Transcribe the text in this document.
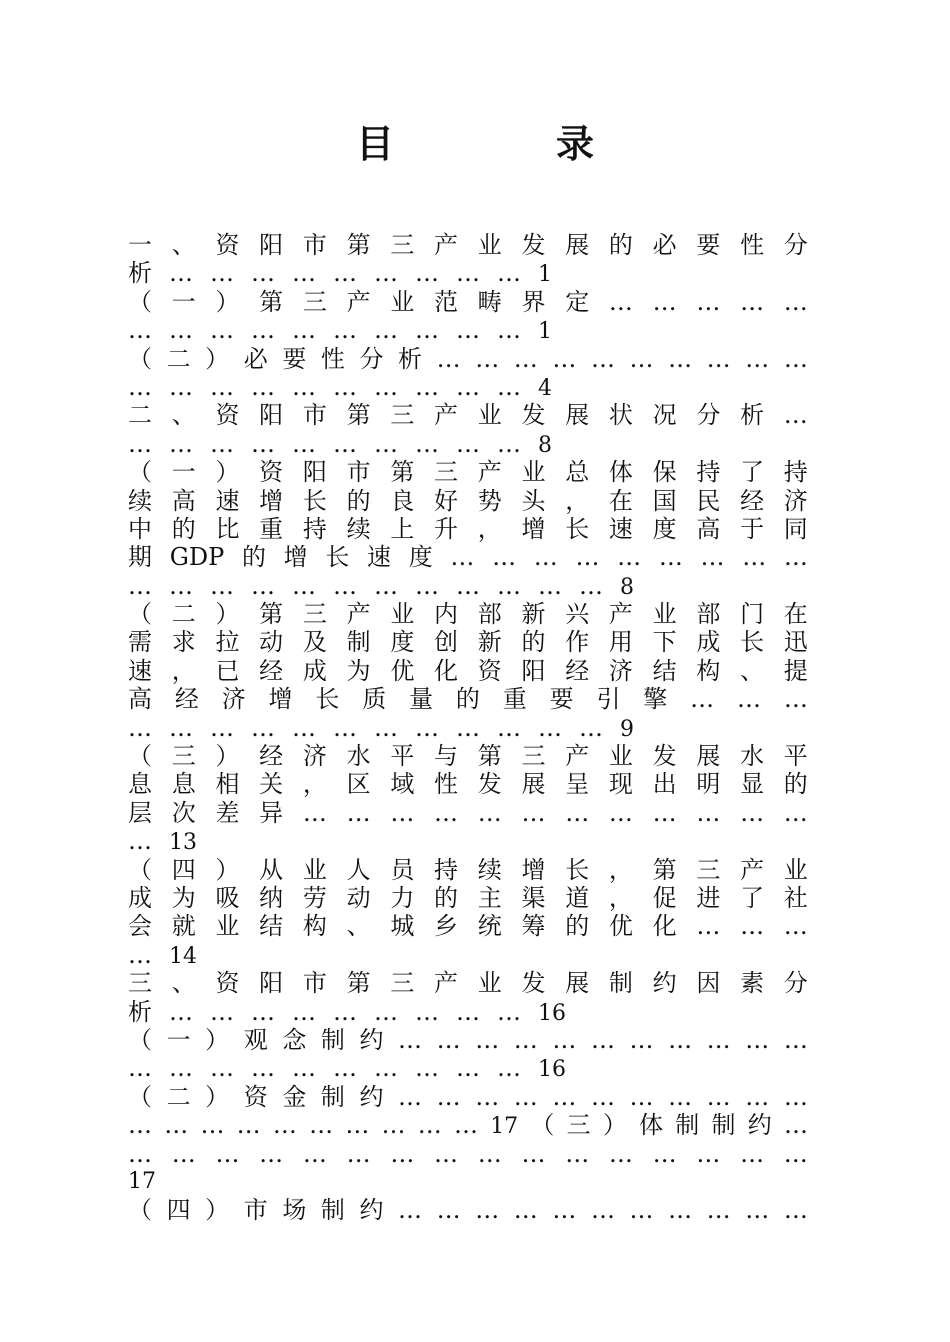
目　录
一 、 资 阳 市 第 三 产 业 发 展 的 必 要 性 分
析 … … … … … … … … … 1
（ 一 ） 第 三 产 业 范 畴 界 定 … … … … …
… … … … … … … … … … 1
（ 二 ） 必 要 性 分 析 … … … … … … … … … …
… … … … … … … … … … 4
二 、 资 阳 市 第 三 产 业 发 展 状 况 分 析 …
… … … … … … … … … … 8
（ 一 ） 资 阳 市 第 三 产 业 总 体 保 持 了 持
续 高 速 增 长 的 良 好 势 头 ， 在 国 民 经 济
中 的 比 重 持 续 上 升 ， 增 长 速 度 高 于 同
期 GDP 的 增 长 速 度 … … … … … … … … …
… … … … … … … … … … … … 8
（ 二 ） 第 三 产 业 内 部 新 兴 产 业 部 门 在
需 求 拉 动 及 制 度 创 新 的 作 用 下 成 长 迅
速 ， 已 经 成 为 优 化 资 阳 经 济 结 构 、 提
高 经 济 增 长 质 量 的 重 要 引 擎 … … …
… … … … … … … … … … … … 9
（ 三 ） 经 济 水 平 与 第 三 产 业 发 展 水 平
息 息 相 关 ， 区 域 性 发 展 呈 现 出 明 显 的
层 次 差 异 … … … … … … … … … … … …
… 13
（ 四 ） 从 业 人 员 持 续 增 长 ， 第 三 产 业
成 为 吸 纳 劳 动 力 的 主 渠 道 ， 促 进 了 社
会 就 业 结 构 、 城 乡 统 筹 的 优 化 … … …
… 14
三 、 资 阳 市 第 三 产 业 发 展 制 约 因 素 分
析 … … … … … … … … … 16
（ 一 ） 观 念 制 约 … … … … … … … … … … …
… … … … … … … … … … 16
（ 二 ） 资 金 制 约 … … … … … … … … … … …
… … … … … … … … … … 17 （ 三 ） 体 制 制 约 …
… … … … … … … … … … … … … … … …
17
（ 四 ） 市 场 制 约 … … … … … … … … … … …
